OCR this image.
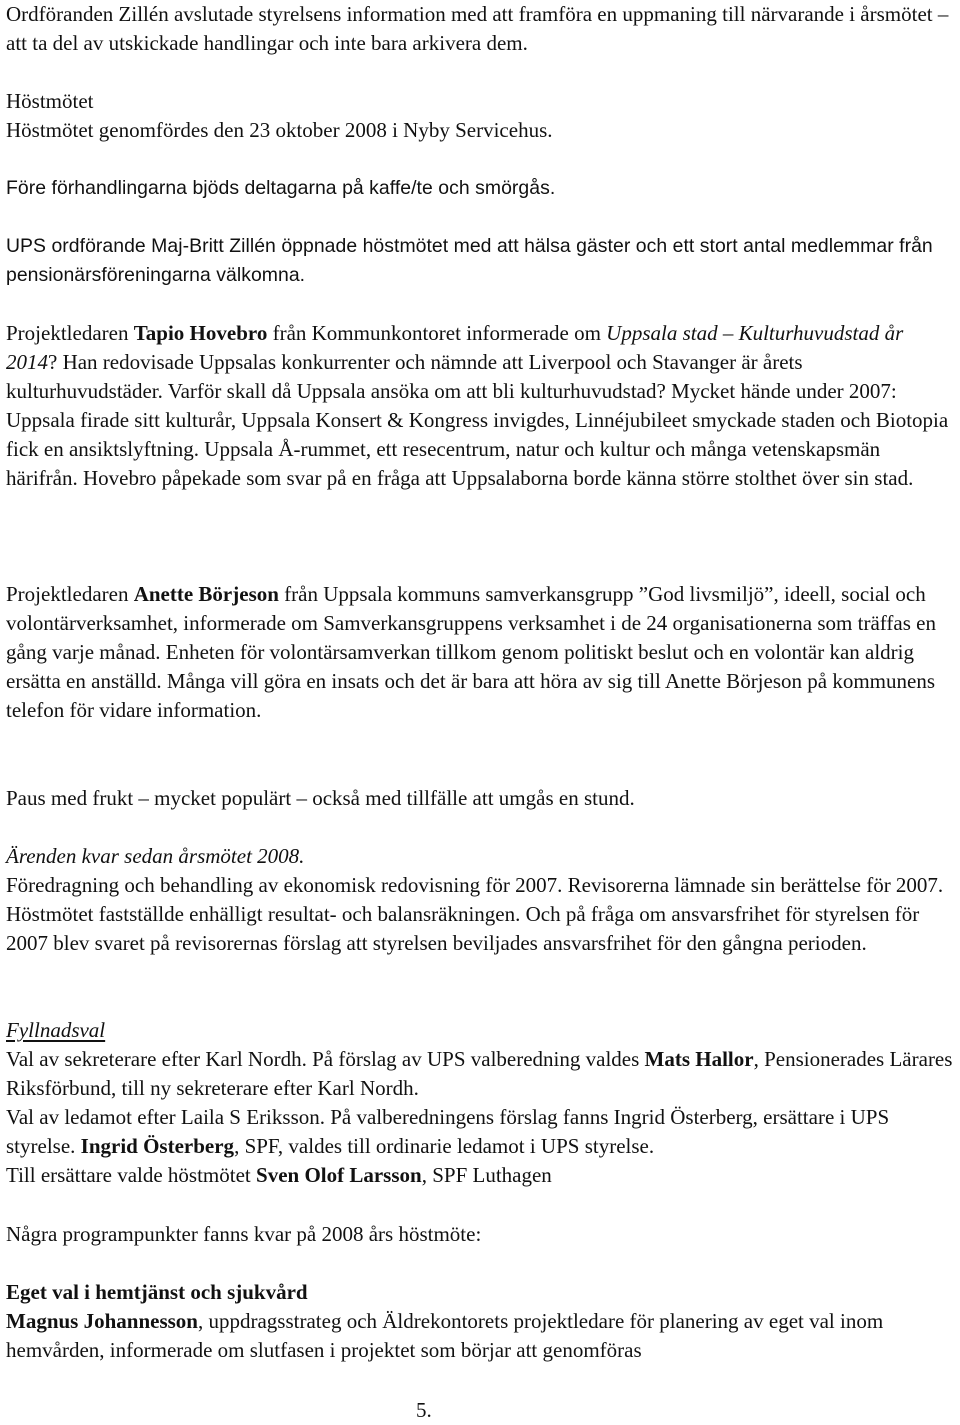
Ordföranden Zillén avslutade styrelsens information med att framföra en uppmaning till närvarande i årsmötet – att ta del av utskickade handlingar och inte bara arkivera dem.

Höstmötet

Höstmötet genomfördes den 23 oktober 2008 i Nyby Servicehus.

Före förhandlingarna bjöds deltagarna på kaffe/te och smörgås.

UPS ordförande Maj-Britt Zillén öppnade höstmötet med att hälsa gäster och ett stort antal medlemmar från pensionärsföreningarna välkomna.

Projektledaren Tapio Hovebro från Kommunkontoret informerade om Uppsala stad – Kulturhuvudstad år 2014? Han redovisade Uppsalas konkurrenter och nämnde att Liverpool och Stavanger är årets kulturhuvudstäder. Varför skall då Uppsala ansöka om att bli kulturhuvudstad? Mycket hände under 2007: Uppsala firade sitt kulturår, Uppsala Konsert & Kongress invigdes, Linnéjubileet smyckade staden och Biotopia fick en ansiktslyftning. Uppsala Å-rummet, ett resecentrum, natur och kultur och många vetenskapsmän härifrån. Hovebro påpekade som svar på en fråga att Uppsalaborna borde känna större stolthet över sin stad.

Projektledaren Anette Börjeson från Uppsala kommuns samverkansgrupp ”God livsmiljö”, ideell, social och volontärverksamhet, informerade om Samverkansgruppens verksamhet i de 24 organisationerna som träffas en gång varje månad. Enheten för volontärsamverkan tillkom genom politiskt beslut och en volontär kan aldrig ersätta en anställd. Många vill göra en insats och det är bara att höra av sig till Anette Börjeson på kommunens telefon för vidare information.

Paus med frukt – mycket populärt – också med tillfälle att umgås en stund.

Ärenden kvar sedan årsmötet 2008.

Föredragning och behandling av ekonomisk redovisning för 2007. Revisorerna lämnade sin berättelse för 2007. Höstmötet fastställde enhälligt resultat- och balansräkningen. Och på fråga om ansvarsfrihet för styrelsen för 2007 blev svaret på revisorernas förslag att styrelsen beviljades ansvarsfrihet för den gångna perioden.

Fyllnadsval

Val av sekreterare efter Karl Nordh. På förslag av UPS valberedning valdes Mats Hallor, Pensionerades Lärares Riksförbund, till ny sekreterare efter Karl Nordh.

Val av ledamot efter Laila S Eriksson. På valberedningens förslag fanns Ingrid Österberg, ersättare i UPS styrelse. Ingrid Österberg, SPF, valdes till ordinarie ledamot i UPS styrelse.

Till ersättare valde höstmötet Sven Olof Larsson, SPF Luthagen

Några programpunkter fanns kvar på 2008 års höstmöte:

Eget val i hemtjänst och sjukvård

Magnus Johannesson, uppdragsstrateg och Äldrekontorets projektledare för planering av eget val inom hemvården, informerade om slutfasen i projektet som börjar att genomföras

5.
